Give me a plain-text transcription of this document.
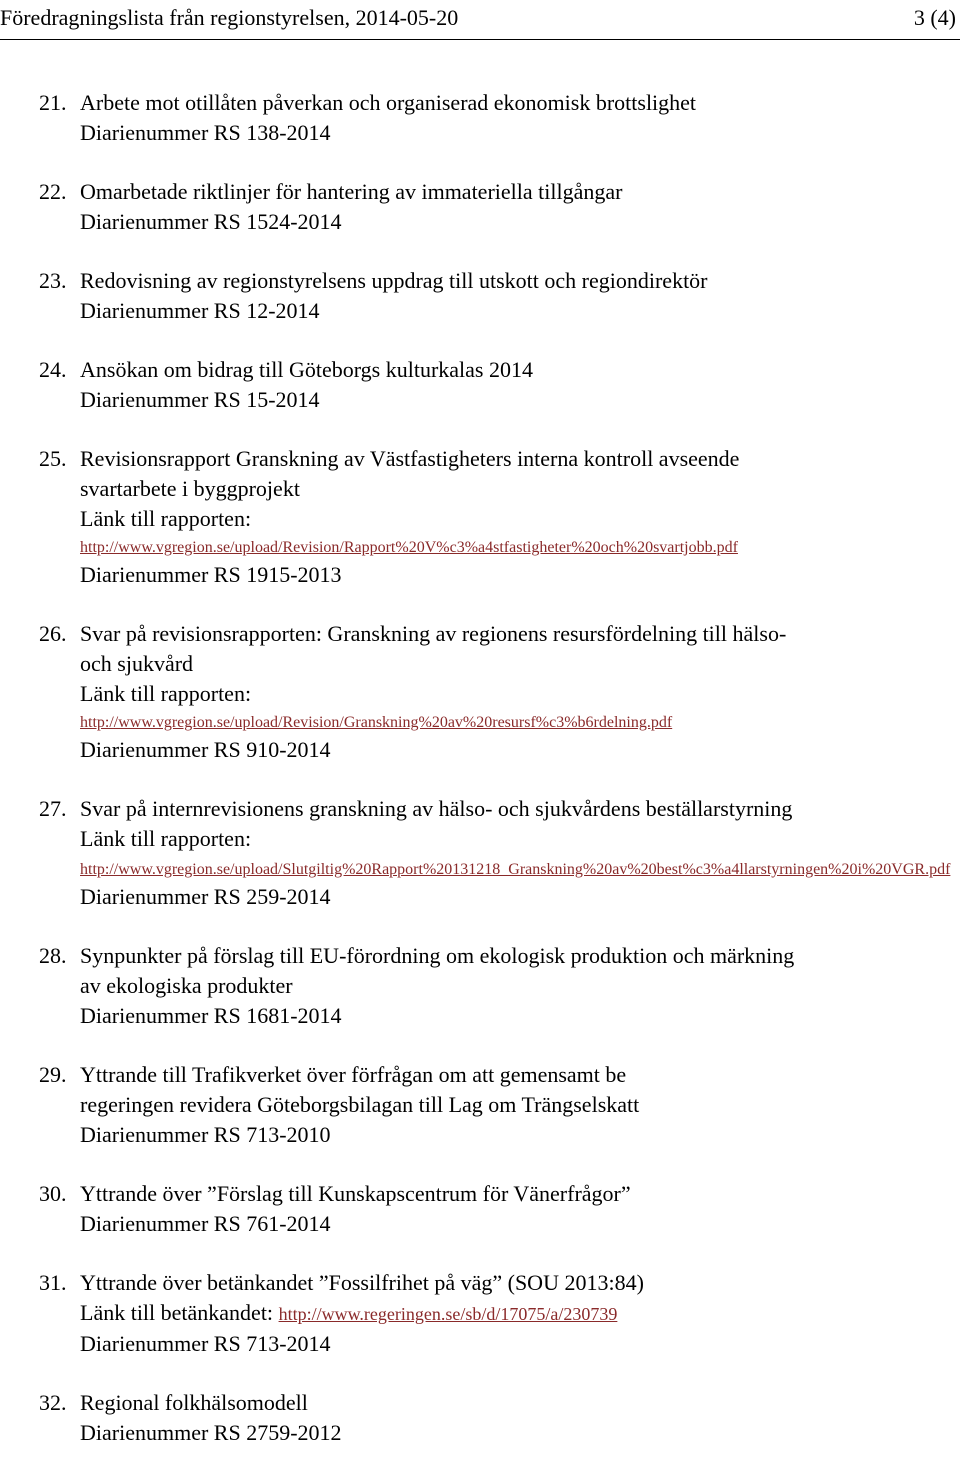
Föredragningslista från regionstyrelsen, 2014-05-20	3 (4)
21. Arbete mot otillåten påverkan och organiserad ekonomisk brottslighet
Diarienummer RS 138-2014
22. Omarbetade riktlinjer för hantering av immateriella tillgångar
Diarienummer RS 1524-2014
23. Redovisning av regionstyrelsens uppdrag till utskott och regiondirektör
Diarienummer RS 12-2014
24. Ansökan om bidrag till Göteborgs kulturkalas 2014
Diarienummer RS 15-2014
25. Revisionsrapport Granskning av Västfastigheters interna kontroll avseende
svartarbete i byggprojekt
Länk till rapporten:
http://www.vgregion.se/upload/Revision/Rapport%20V%c3%a4stfastigheter%20och%20svartjobb.pdf
Diarienummer RS 1915-2013
26. Svar på revisionsrapporten: Granskning av regionens resursfördelning till hälso-
och sjukvård
Länk till rapporten:
http://www.vgregion.se/upload/Revision/Granskning%20av%20resursf%c3%b6rdelning.pdf
Diarienummer RS 910-2014
27. Svar på internrevisionens granskning av hälso- och sjukvårdens beställarstyrning
Länk till rapporten:
http://www.vgregion.se/upload/Slutgiltig%20Rapport%20131218_Granskning%20av%20best%c3%a4llarstyrningen%20i%20VGR.pdf
Diarienummer RS 259-2014
28. Synpunkter på förslag till EU-förordning om ekologisk produktion och märkning
av ekologiska produkter
Diarienummer RS 1681-2014
29. Yttrande till Trafikverket över förfrågan om att gemensamt be
regeringen revidera Göteborgsbilagan till Lag om Trängselskatt
Diarienummer RS 713-2010
30. Yttrande över ”Förslag till Kunskapscentrum för Vänerfrågor”
Diarienummer RS 761-2014
31. Yttrande över betänkandet ”Fossilfrihet på väg” (SOU 2013:84)
Länk till betänkandet: http://www.regeringen.se/sb/d/17075/a/230739
Diarienummer RS 713-2014
32. Regional folkhälsomodell
Diarienummer RS 2759-2012
